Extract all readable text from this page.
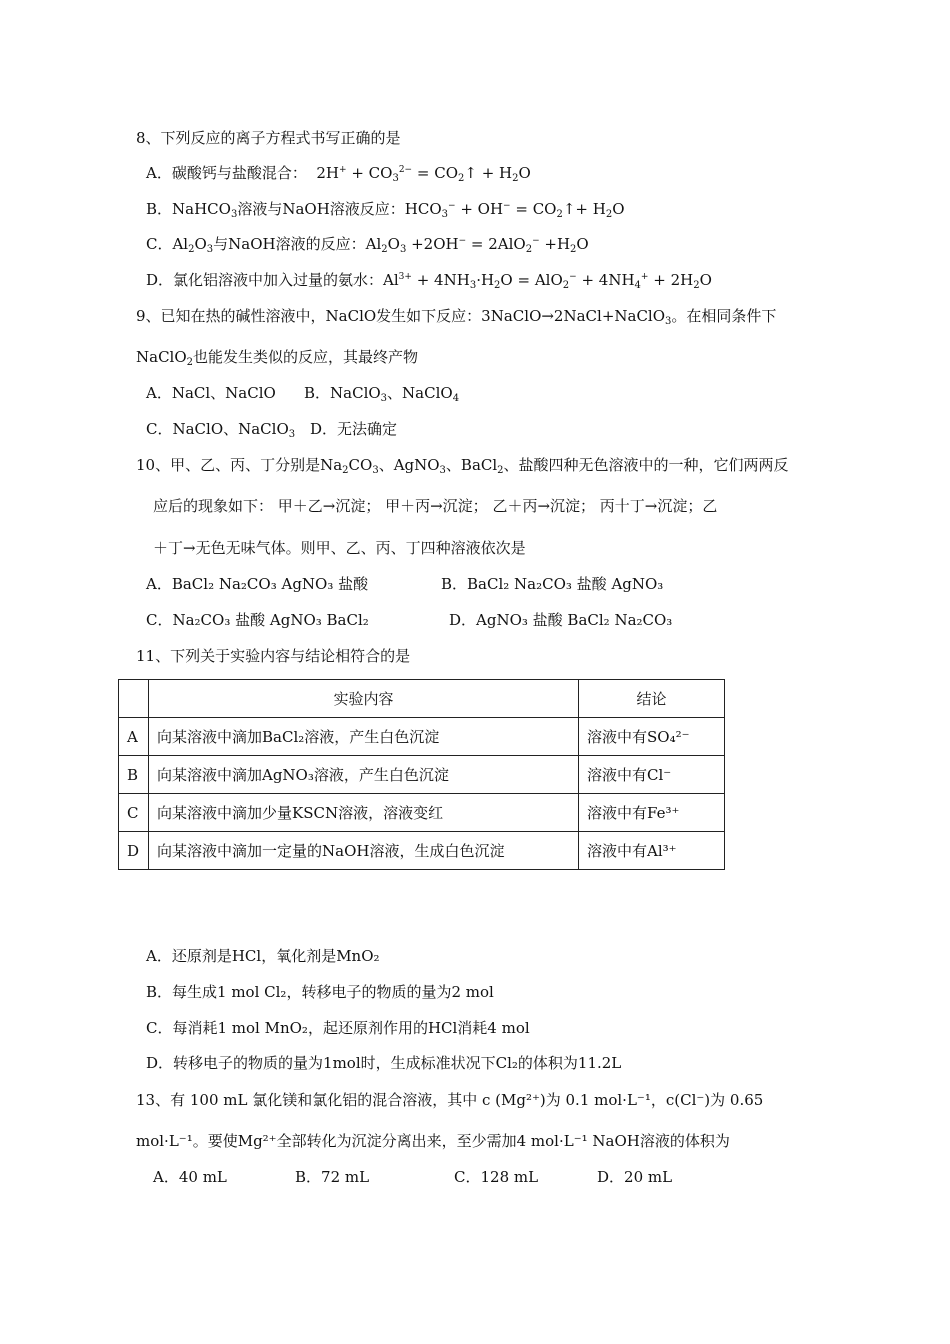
8、下列反应的离子方程式书写正确的是
A．碳酸钙与盐酸混合： $2H^+ + CO_3^{2-}$ = $CO_2↑ + H_2O$
B．NaHCO$_3$溶液与NaOH溶液反应：$HCO_3^- + OH^-$ = $CO_2↑+ H_2O$
C．$Al_2O_3$与NaOH溶液的反应：$Al_2O_3 +2OH^- = 2AlO_2^- +H_2O$
D．氯化铝溶液中加入过量的氨水：$Al^{3+} + 4NH_3\cdot H_2O = AlO_2^- + 4NH_4^+ + 2H_2O$
9、已知在热的碱性溶液中，NaClO发生如下反应：3NaClO→2NaCl+NaClO$_3$。在相同条件下
NaClO$_2$也能发生类似的反应，其最终产物
A．NaCl、NaClO B．NaClO$_3$、NaClO$_4$
C．NaClO、NaClO$_3$ D．无法确定
10、甲、乙、丙、丁分别是$Na_2CO_3$、AgNO$_3$、BaCl$_2$、盐酸四种无色溶液中的一种，它们两两反
应后的现象如下： 甲＋乙→沉淀； 甲＋丙→沉淀； 乙＋丙→沉淀； 丙十丁→沉淀；乙
＋丁→无色无味气体。则甲、乙、丙、丁四种溶液依次是
A．BaCl₂ Na₂CO₃ AgNO₃ 盐酸	B．BaCl₂ Na₂CO₃ 盐酸 AgNO₃
C．Na₂CO₃ 盐酸 AgNO₃ BaCl₂	D．AgNO₃ 盐酸 BaCl₂ Na₂CO₃
11、下列关于实验内容与结论相符合的是
	实验内容	结论
A	向某溶液中滴加BaCl₂溶液，产生白色沉淀	溶液中有SO₄²⁻
B	向某溶液中滴加AgNO₃溶液，产生白色沉淀	溶液中有Cl⁻
C	向某溶液中滴加少量KSCN溶液，溶液变红	溶液中有Fe³⁺
D	向某溶液中滴加一定量的NaOH溶液，生成白色沉淀	溶液中有Al³⁺
A．还原剂是HCl，氧化剂是MnO₂
B．每生成1 mol Cl₂，转移电子的物质的量为2 mol
C．每消耗1 mol MnO₂，起还原剂作用的HCl消耗4 mol
D．转移电子的物质的量为1mol时，生成标准状况下Cl₂的体积为11.2L
13、有 100 mL 氯化镁和氯化铝的混合溶液，其中 c (Mg²⁺)为 0.1 mol·L⁻¹，c(Cl⁻)为 0.65
mol·L⁻¹。要使Mg²⁺全部转化为沉淀分离出来，至少需加4 mol·L⁻¹ NaOH溶液的体积为
A．40 mL	B．72 mL	C．128 mL	D．20 mL
